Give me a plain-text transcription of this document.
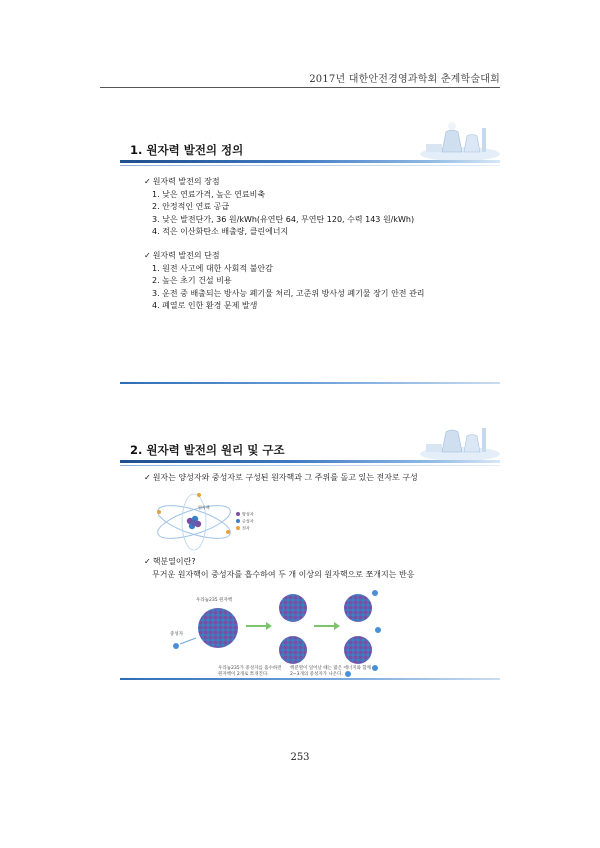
2017년 대한안전경영과학회 춘계학술대회
1. 원자력 발전의 정의
✓ 원자력 발전의 장점
1. 낮은 연료가격, 높은 연료비축
2. 안정적인 연료 공급
3. 낮은 발전단가, 36 원/kWh(유연탄 64, 무연탄 120, 수력 143 원/kWh)
4. 적은 이산화탄소 배출량, 클린에너지
✓ 원자력 발전의 단점
1. 원전 사고에 대한 사회적 불안감
2. 높은 초기 건설 비용
3. 운전 중 배출되는 방사능 폐기물 처리, 고준위 방사성 폐기물 장기 안전 관리
4. 폐열로 인한 환경 문제 발생
2. 원자력 발전의 원리 및 구조
✓ 원자는 양성자와 중성자로 구성된 원자핵과 그 주위를 돌고 있는 전자로 구성
원자핵
양성자
중성자
전자
✓ 핵분열이란?
무거운 원자핵이 중성자를 흡수하여 두 개 이상의 원자핵으로 쪼개지는 반응
우라늄235 원자핵
중성자
우라늄235가 중성자를 흡수하면
원자핵이 2개로 쪼개진다.
핵분열이 일어날 때는 많은 에너지와 함께
2~3개의 중성자가 나온다.
253
